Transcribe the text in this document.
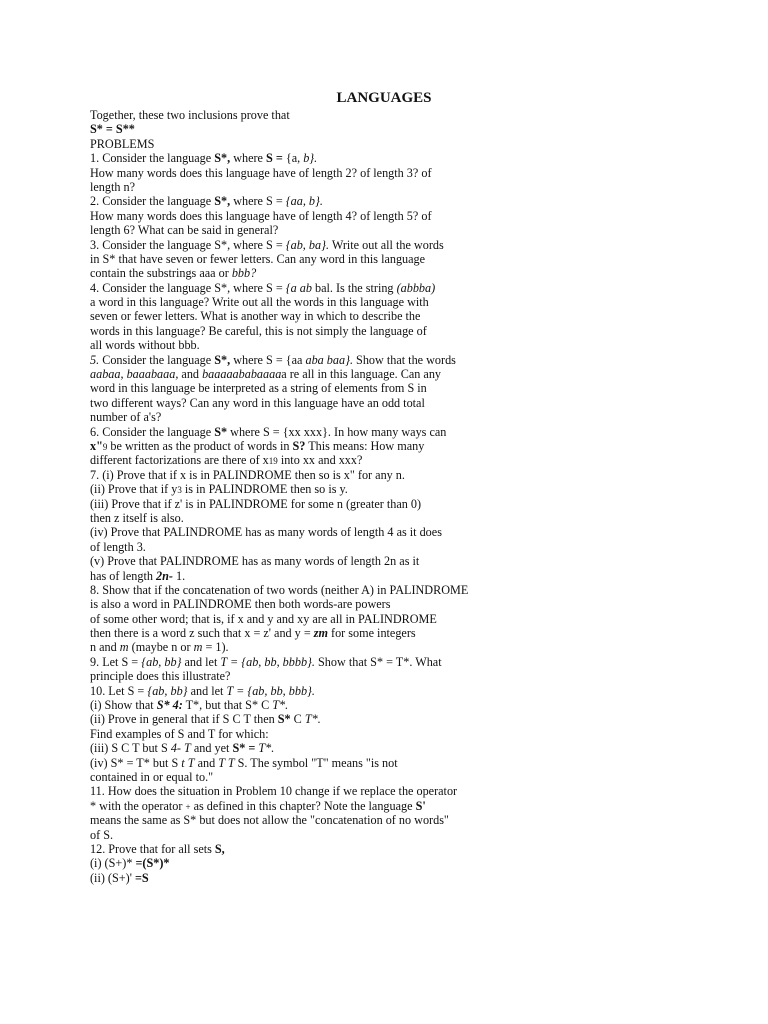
LANGUAGES
Together, these two inclusions prove that
S* = S**
PROBLEMS
1. Consider the language S*, where S = {a, b}.
How many words does this language have of length 2? of length 3? of
length n?
2. Consider the language S*, where S = {aa, b}.
How many words does this language have of length 4? of length 5? of
length 6? What can be said in general?
3. Consider the language S*, where S = {ab, ba}. Write out all the words
in S* that have seven or fewer letters. Can any word in this language
contain the substrings aaa or bbb?
4. Consider the language S*, where S = {a ab bal. Is the string (abbba)
a word in this language? Write out all the words in this language with
seven or fewer letters. What is another way in which to describe the
words in this language? Be careful, this is not simply the language of
all words without bbb.
5. Consider the language S*, where S = {aa aba baa}. Show that the words
aabaa, baaabaaa, and baaaaababaaaaa re all in this language. Can any
word in this language be interpreted as a string of elements from S in
two different ways? Can any word in this language have an odd total
number of a's?
6. Consider the language S* where S = {xx xxx}. In how many ways can
x"9 be written as the product of words in S? This means: How many
different factorizations are there of x19 into xx and xxx?
7. (i) Prove that if x is in PALINDROME then so is x" for any n.
(ii) Prove that if y3 is in PALINDROME then so is y.
(iii) Prove that if z' is in PALINDROME for some n (greater than 0)
then z itself is also.
(iv) Prove that PALINDROME has as many words of length 4 as it does
of length 3.
(v) Prove that PALINDROME has as many words of length 2n as it
has of length 2n- 1.
8. Show that if the concatenation of two words (neither A) in PALINDROME
is also a word in PALINDROME then both words-are powers
of some other word; that is, if x and y and xy are all in PALINDROME
then there is a word z such that x = z' and y = zm for some integers
n and m (maybe n or m = 1).
9. Let S = {ab, bb} and let T = {ab, bb, bbbb}. Show that S* = T*. What
principle does this illustrate?
10. Let S = {ab, bb} and let T = {ab, bb, bbb}.
(i) Show that S* 4: T*, but that S* C T*.
(ii) Prove in general that if S C T then S* C T*.
Find examples of S and T for which:
(iii) S C T but S 4- T and yet S* = T*.
(iv) S* = T* but S t T and T T S. The symbol "T" means "is not
contained in or equal to."
11. How does the situation in Problem 10 change if we replace the operator
* with the operator + as defined in this chapter? Note the language S'
means the same as S* but does not allow the "concatenation of no words"
of S.
12. Prove that for all sets S,
(i) (S+)* =(S*)*
(ii) (S+)' =S
